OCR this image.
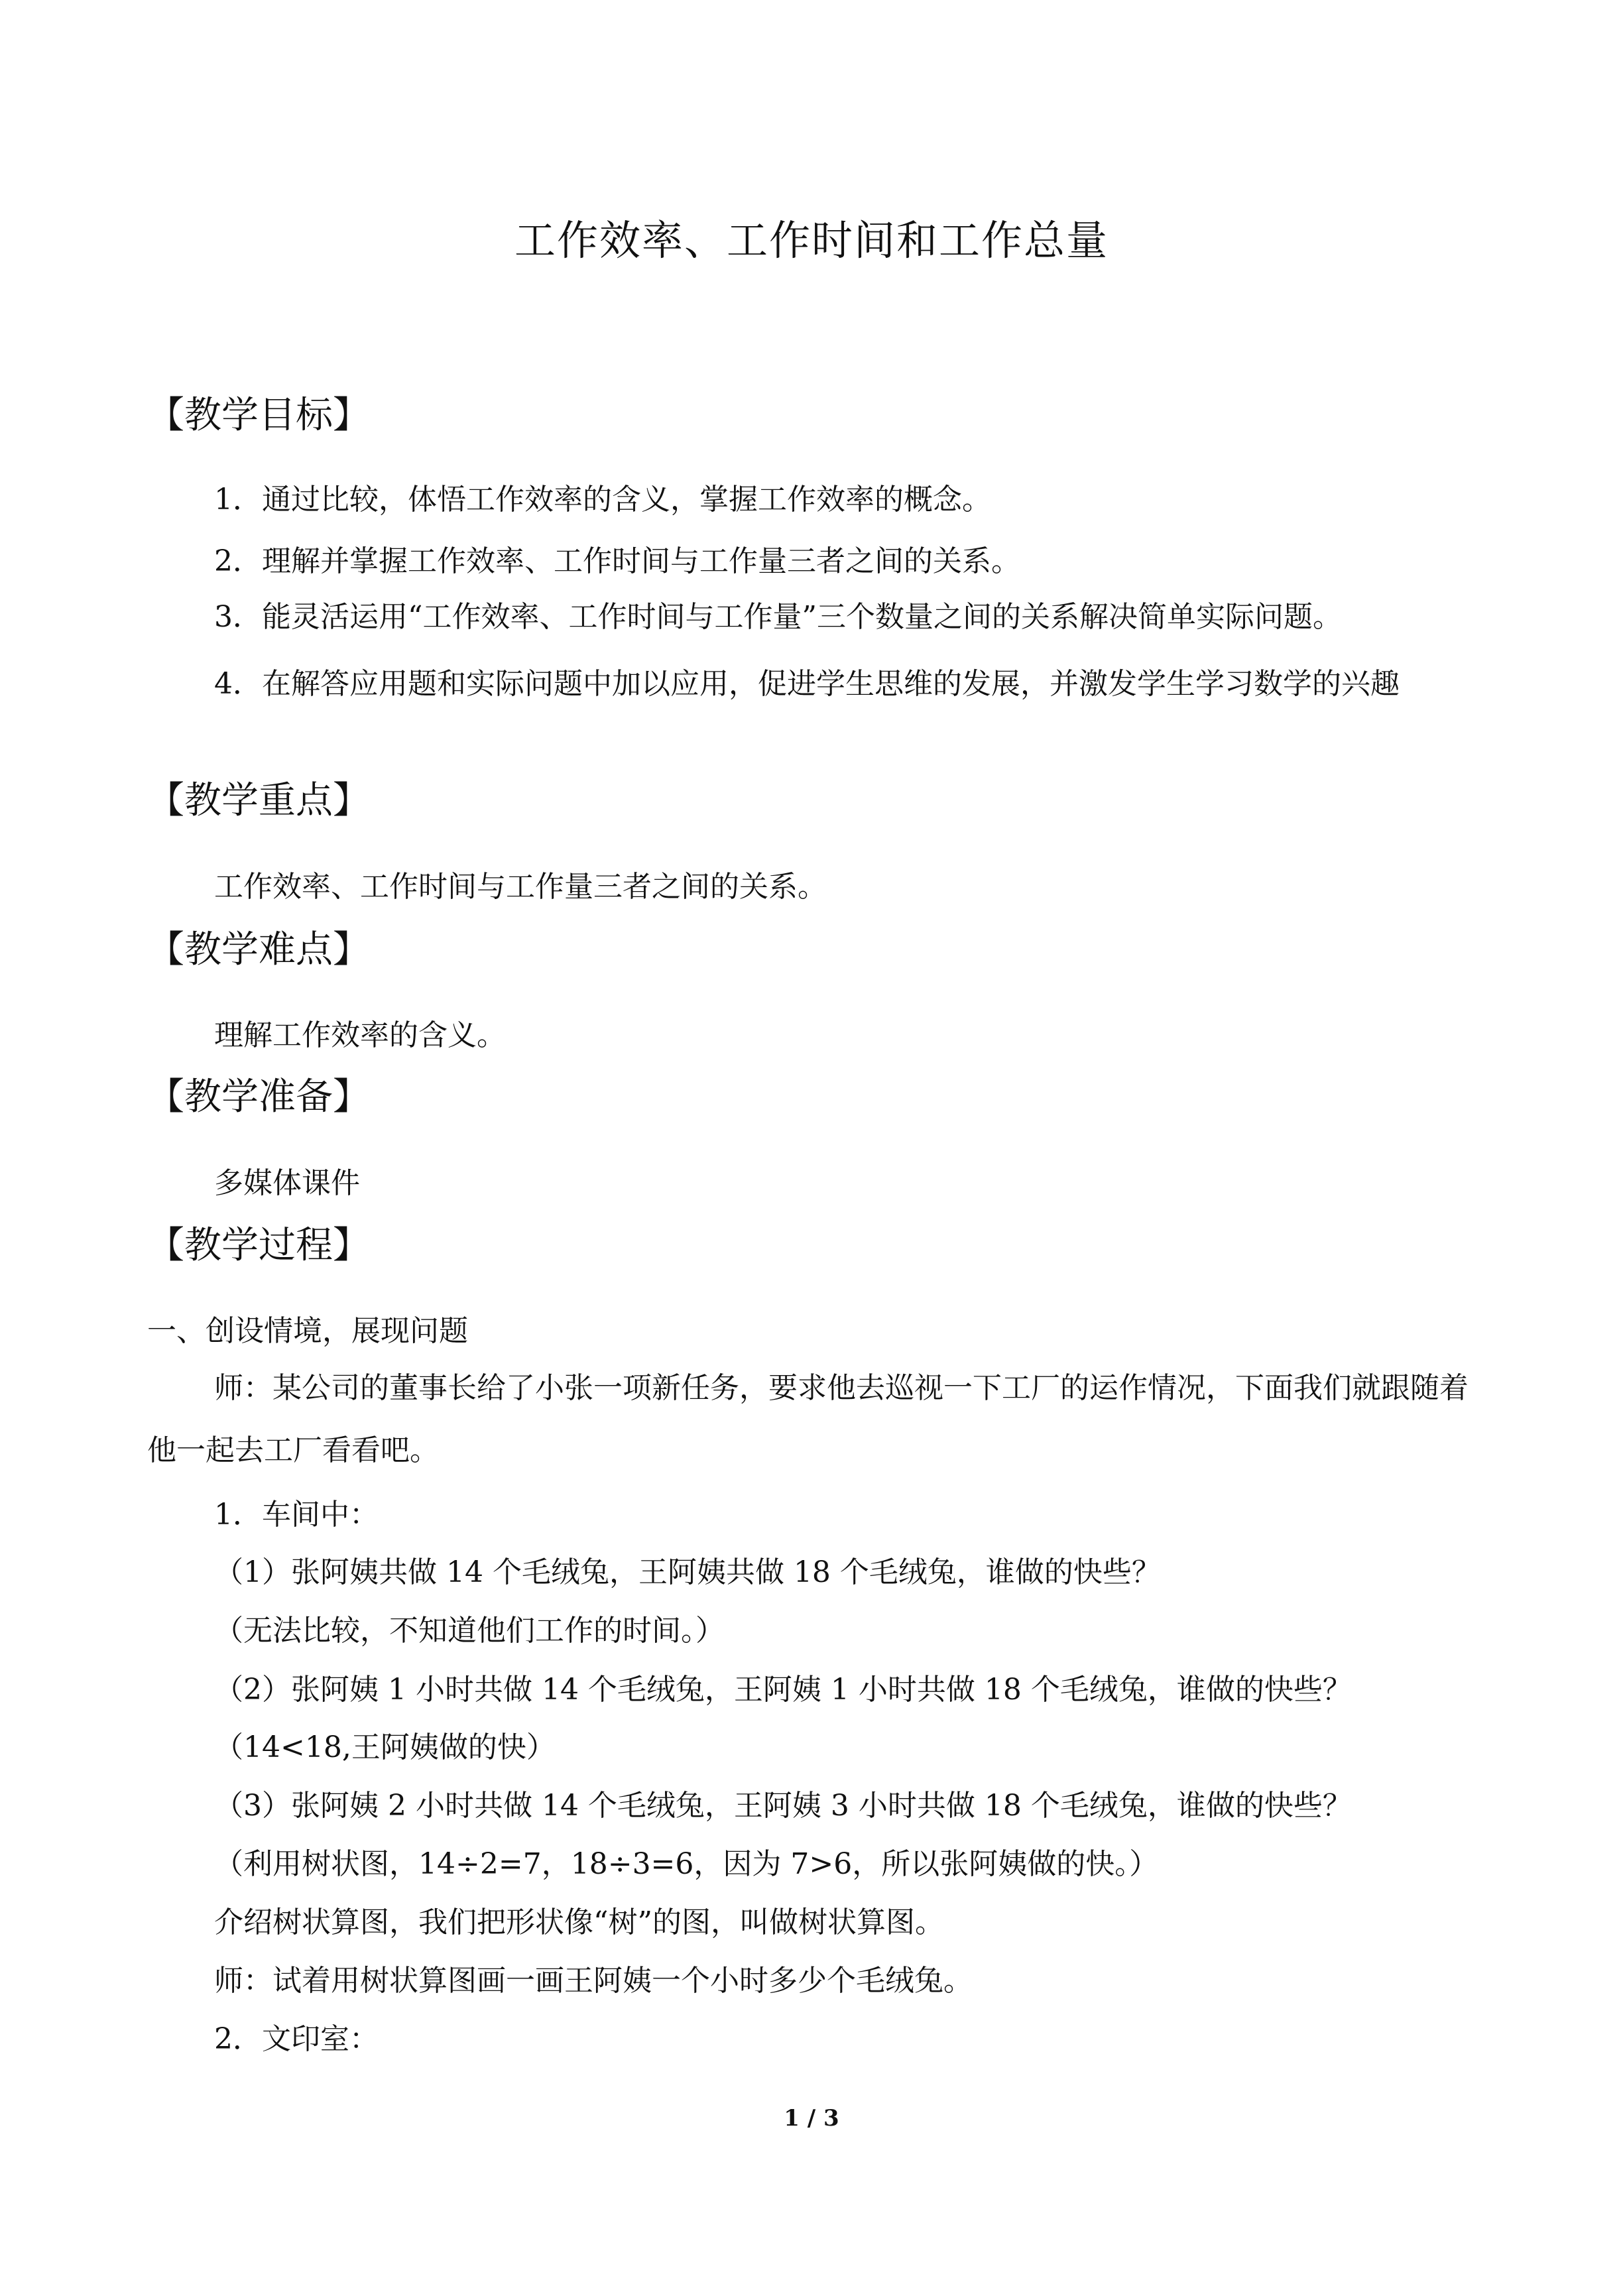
工作效率、工作时间和工作总量
【教学目标】

1．通过比较，体悟工作效率的含义，掌握工作效率的概念。

2．理解并掌握工作效率、工作时间与工作量三者之间的关系。

3．能灵活运用“工作效率、工作时间与工作量”三个数量之间的关系解决简单实际问题。

4．在解答应用题和实际问题中加以应用，促进学生思维的发展，并激发学生学习数学的兴趣

【教学重点】

工作效率、工作时间与工作量三者之间的关系。

【教学难点】

理解工作效率的含义。

【教学准备】

多媒体课件

【教学过程】

一、创设情境，展现问题

师：某公司的董事长给了小张一项新任务，要求他去巡视一下工厂的运作情况，下面我们就跟随着他一起去工厂看看吧。

1．车间中：

（1）张阿姨共做 14 个毛绒兔，王阿姨共做 18 个毛绒兔，谁做的快些？

（无法比较，不知道他们工作的时间。）

（2）张阿姨 1 小时共做 14 个毛绒兔，王阿姨 1 小时共做 18 个毛绒兔，谁做的快些？

（14<18,王阿姨做的快）

（3）张阿姨 2 小时共做 14 个毛绒兔，王阿姨 3 小时共做 18 个毛绒兔，谁做的快些？

（利用树状图，14÷2=7，18÷3=6，因为 7>6，所以张阿姨做的快。）

介绍树状算图，我们把形状像“树”的图，叫做树状算图。

师：试着用树状算图画一画王阿姨一个小时多少个毛绒兔。

2．文印室：

1 / 3
